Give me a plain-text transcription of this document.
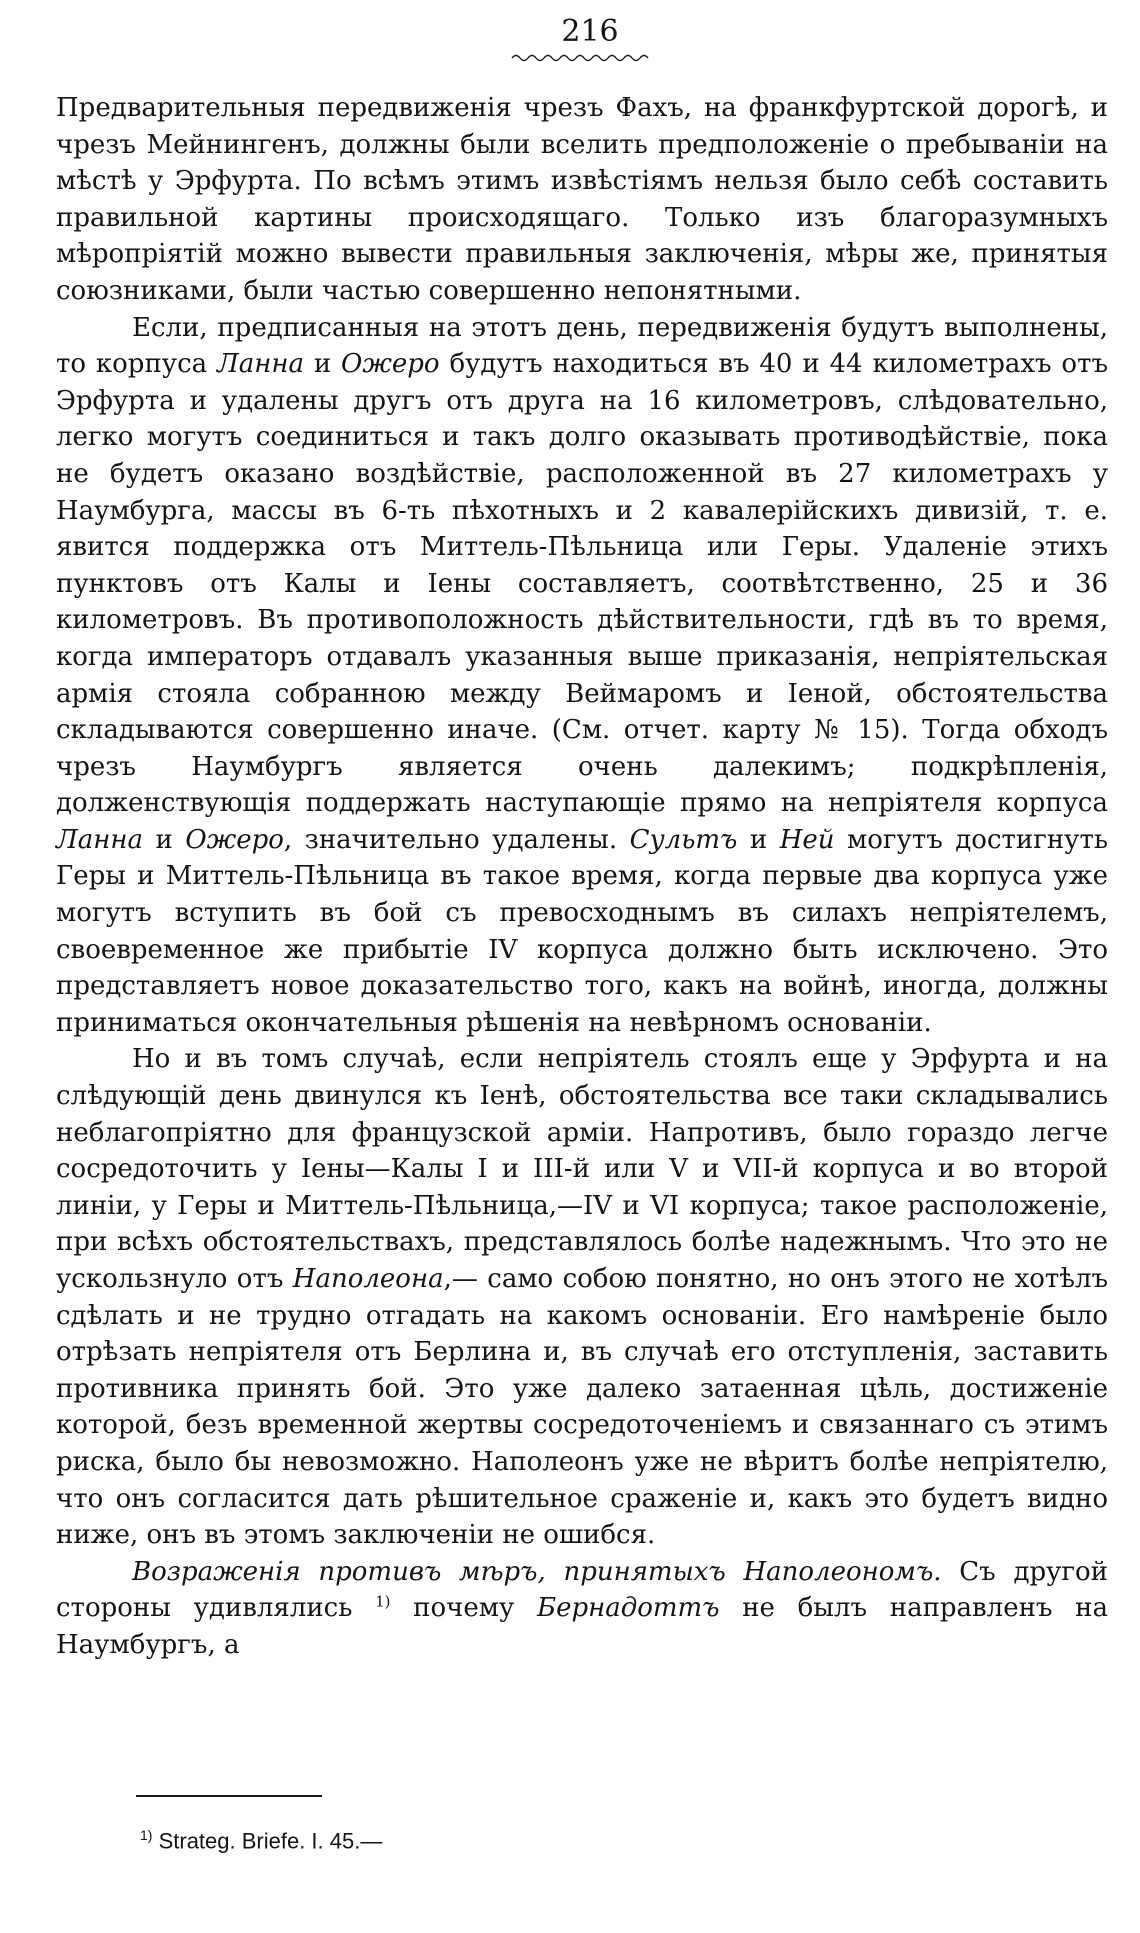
216

Предварительныя передвиженія чрезъ Фахъ, на франкфуртской дорогѣ, и чрезъ Мейнингенъ, должны были вселить предположеніе о пребываніи на мѣстѣ у Эрфурта. По всѣмъ этимъ извѣстіямъ нельзя было себѣ составить правильной картины происходящаго. Только изъ благоразумныхъ мѣропріятій можно вывести правильныя заключенія, мѣры же, принятыя союзниками, были частью совершенно непонятными.

Если, предписанныя на этотъ день, передвиженія будутъ выполнены, то корпуса Ланна и Ожеро будутъ находиться въ 40 и 44 километрахъ отъ Эрфурта и удалены другъ отъ друга на 16 километровъ, слѣдовательно, легко могутъ соединиться и такъ долго оказывать противодѣйствіе, пока не будетъ оказано воздѣйствіе, расположенной въ 27 километрахъ у Наумбурга, массы въ 6-ть пѣхотныхъ и 2 кавалерійскихъ дивизій, т. е. явится поддержка отъ Миттель-Пѣльница или Геры. Удаленіе этихъ пунктовъ отъ Калы и Іены составляетъ, соотвѣтственно, 25 и 36 километровъ. Въ противоположность дѣйствительности, гдѣ въ то время, когда императоръ отдавалъ указанныя выше приказанія, непріятельская армія стояла собранною между Веймаромъ и Іеной, обстоятельства складываются совершенно иначе. (См. отчет. карту № 15). Тогда обходъ чрезъ Наумбургъ является очень далекимъ; подкрѣпленія, долженствующія поддержать наступающіе прямо на непріятеля корпуса Ланна и Ожеро, значительно удалены. Сультъ и Ней могутъ достигнуть Геры и Миттель-Пѣльница въ такое время, когда первые два корпуса уже могутъ вступить въ бой съ превосходнымъ въ силахъ непріятелемъ, своевременное же прибытіе IV корпуса должно быть исключено. Это представляетъ новое доказательство того, какъ на войнѣ, иногда, должны приниматься окончательныя рѣшенія на невѣрномъ основаніи.

Но и въ томъ случаѣ, если непріятель стоялъ еще у Эрфурта и на слѣдующій день двинулся къ Іенѣ, обстоятельства все таки складывались неблагопріятно для французской арміи. Напротивъ, было гораздо легче сосредоточить у Іены—Калы I и III-й или V и VII-й корпуса и во второй линіи, у Геры и Миттель-Пѣльница,—IV и VI корпуса; такое расположеніе, при всѣхъ обстоятельствахъ, представлялось болѣе надежнымъ. Что это не ускользнуло отъ Наполеона,— само собою понятно, но онъ этого не хотѣлъ сдѣлать и не трудно отгадать на какомъ основаніи. Его намѣреніе было отрѣзать непріятеля отъ Берлина и, въ случаѣ его отступленія, заставить противника принять бой. Это уже далеко затаенная цѣль, достиженіе которой, безъ временной жертвы сосредоточеніемъ и связаннаго съ этимъ риска, было бы невозможно. Наполеонъ уже не вѣритъ болѣе непріятелю, что онъ согласится дать рѣшительное сраженіе и, какъ это будетъ видно ниже, онъ въ этомъ заключеніи не ошибся.

Возраженія противъ мѣръ, принятыхъ Наполеономъ. Съ другой стороны удивлялись $^{1)}$ почему Бернадоттъ не былъ направленъ на Наумбургъ, а

$^{1)}$ Strateg. Briefe. I. 45.—
